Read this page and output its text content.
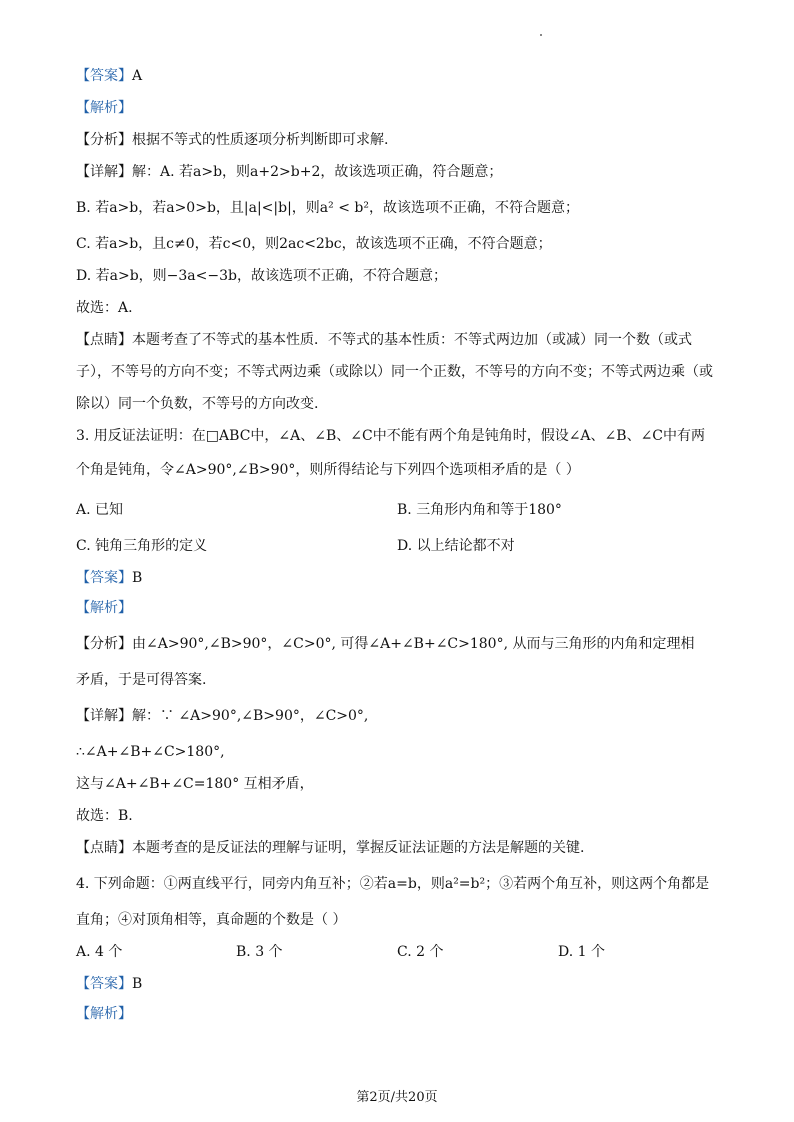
【答案】A
【解析】
【分析】根据不等式的性质逐项分析判断即可求解.
【详解】解：A. 若a>b，则a+2>b+2，故该选项正确，符合题意；
B. 若a>b，若a>0>b，且|a|<|b|，则a² < b²，故该选项不正确，不符合题意；
C. 若a>b，且c≠0，若c<0，则2ac<2bc，故该选项不正确，不符合题意；
D. 若a>b，则−3a<−3b，故该选项不正确，不符合题意；
故选：A.
【点睛】本题考查了不等式的基本性质．不等式的基本性质：不等式两边加（或减）同一个数（或式
子），不等号的方向不变；不等式两边乘（或除以）同一个正数，不等号的方向不变；不等式两边乘（或
除以）同一个负数，不等号的方向改变.
3. 用反证法证明：在□ABC中，∠A、∠B、∠C中不能有两个角是钝角时，假设∠A、∠B、∠C中有两
个角是钝角，令∠A>90°,∠B>90°，则所得结论与下列四个选项相矛盾的是（ ）
A. 已知	B. 三角形内角和等于180°
C. 钝角三角形的定义	D. 以上结论都不对
【答案】B
【解析】
【分析】由∠A>90°,∠B>90°，∠C>0°, 可得∠A+∠B+∠C>180°, 从而与三角形的内角和定理相
矛盾，于是可得答案.
【详解】解：∵ ∠A>90°,∠B>90°，∠C>0°,
∴∠A+∠B+∠C>180°,
这与∠A+∠B+∠C=180° 互相矛盾，
故选：B.
【点睛】本题考查的是反证法的理解与证明，掌握反证法证题的方法是解题的关键.
4. 下列命题：①两直线平行，同旁内角互补；②若a=b，则a²=b²；③若两个角互补，则这两个角都是
直角；④对顶角相等，真命题的个数是（ ）
A. 4 个	B. 3 个	C. 2 个	D. 1 个
【答案】B
【解析】
第2页/共20页
